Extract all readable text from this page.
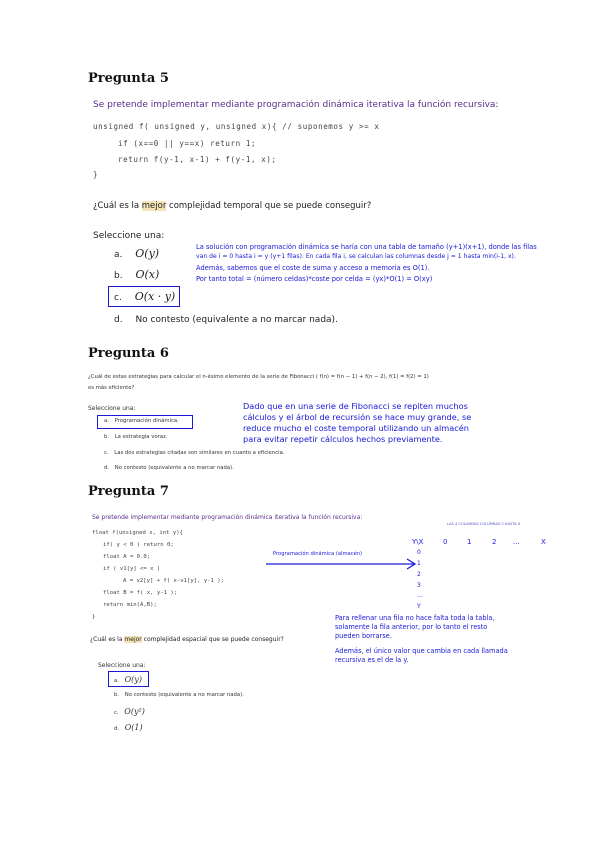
Pregunta 5
Se pretende implementar mediante programación dinámica iterativa la función recursiva:
unsigned f( unsigned y, unsigned x){ // suponemos y >= x
if (x==0 || y==x) return 1;
return f(y-1, x-1) + f(y-1, x);
}
¿Cuál es la mejor complejidad temporal que se puede conseguir?
Seleccione una:
a. O(y)
b. O(x)
c. O(x · y)
d. No contesto (equivalente a no marcar nada).
La solución con programación dinámica se haría con una tabla de tamaño (y+1)(x+1), donde las filas
van de i = 0 hasta i = y (y+1 filas). En cada fila i, se calculan las columnas desde j = 1 hasta min(i-1, x).
Además, sabemos que el coste de suma y acceso a memoria es O(1).
Por tanto total = (número celdas)*coste por celda = (yx)*O(1) = O(xy)
Pregunta 6
¿Cuál de estas estrategias para calcular el n-ésimo elemento de la serie de Fibonacci ( f(n) = f(n − 1) + f(n − 2), f(1) = f(2) = 1)
es más eficiente?
Seleccione una:
a. Programación dinámica.
b. La estrategia voraz.
c. Las dos estrategias citadas son similares en cuanto a eficiencia.
d. No contesto (equivalente a no marcar nada).
Dado que en una serie de Fibonacci se repiten muchos
cálculos y el árbol de recursión se hace muy grande, se
reduce mucho el coste temporal utilizando un almacén
para evitar repetir cálculos hechos previamente.
Pregunta 7
Se pretende implementar mediante programación dinámica iterativa la función recursiva:
float f(unsigned x, int y){
if( y < 0 ) return 0;
float A = 0.0;
if ( v1[y] <= x )
A = v2[y] + f( x-v1[y], y-1 );
float B = f( x, y-1 );
return min(A,B);
}
Programación dinámica (almacén)
LAS 4 COLUMNAS COLUMNAS 0 HASTA X
Y\X	0	1	2 ...	X
0
1
2
3
...
Y
Para rellenar una fila no hace falta toda la tabla,
solamente la fila anterior, por lo tanto el resto
pueden borrarse.
Además, el único valor que cambia en cada llamada
recursiva es el de la y.
¿Cuál es la mejor complejidad espacial que se puede conseguir?
Seleccione una:
a. O(y)
b. No contesto (equivalente a no marcar nada).
c. O(y²)
d. O(1)
